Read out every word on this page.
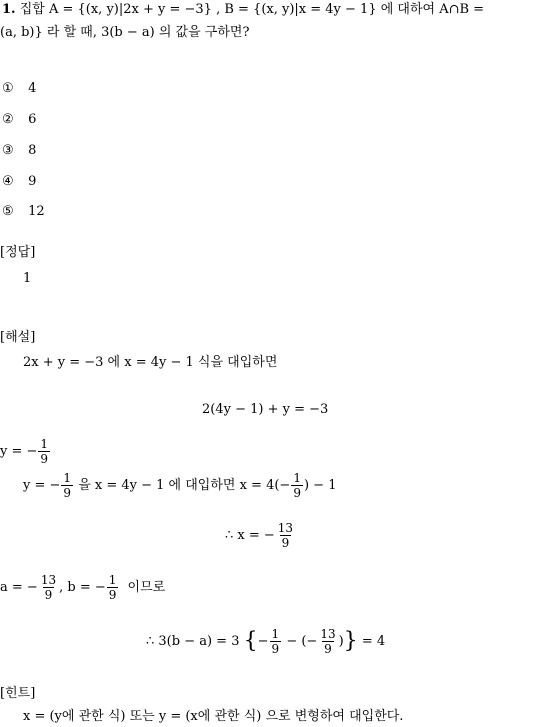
1. 집합 A = {(x, y)|2x + y = −3} , B = {(x, y)|x = 4y − 1} 에 대하여 A∩B =
(a, b)} 라 할 때, 3(b − a) 의 값을 구하면?
① 4
② 6
③ 8
④ 9
⑤ 12
[정답]
1
[해설]
2x + y = −3 에 x = 4y − 1 식을 대입하면
2(4y − 1) + y = −3
y = − $\frac{1}{9}$
y = − $\frac{1}{9}$ 을 x = 4y − 1 에 대입하면 $x = 4(- \frac{1}{9}$ ) − 1
∴ x = − $\frac{13}{9}$
a = − $\frac{13}{9}$ , b = − $\frac{1}{9}$ 이므로
∴ 3(b − a) = 3 {− $\frac{1}{9}$ − (− $\frac{13}{9}$ )} = 4
[힌트]
x = (y에 관한 식) 또는 y = (x에 관한 식) 으로 변형하여 대입한다.
